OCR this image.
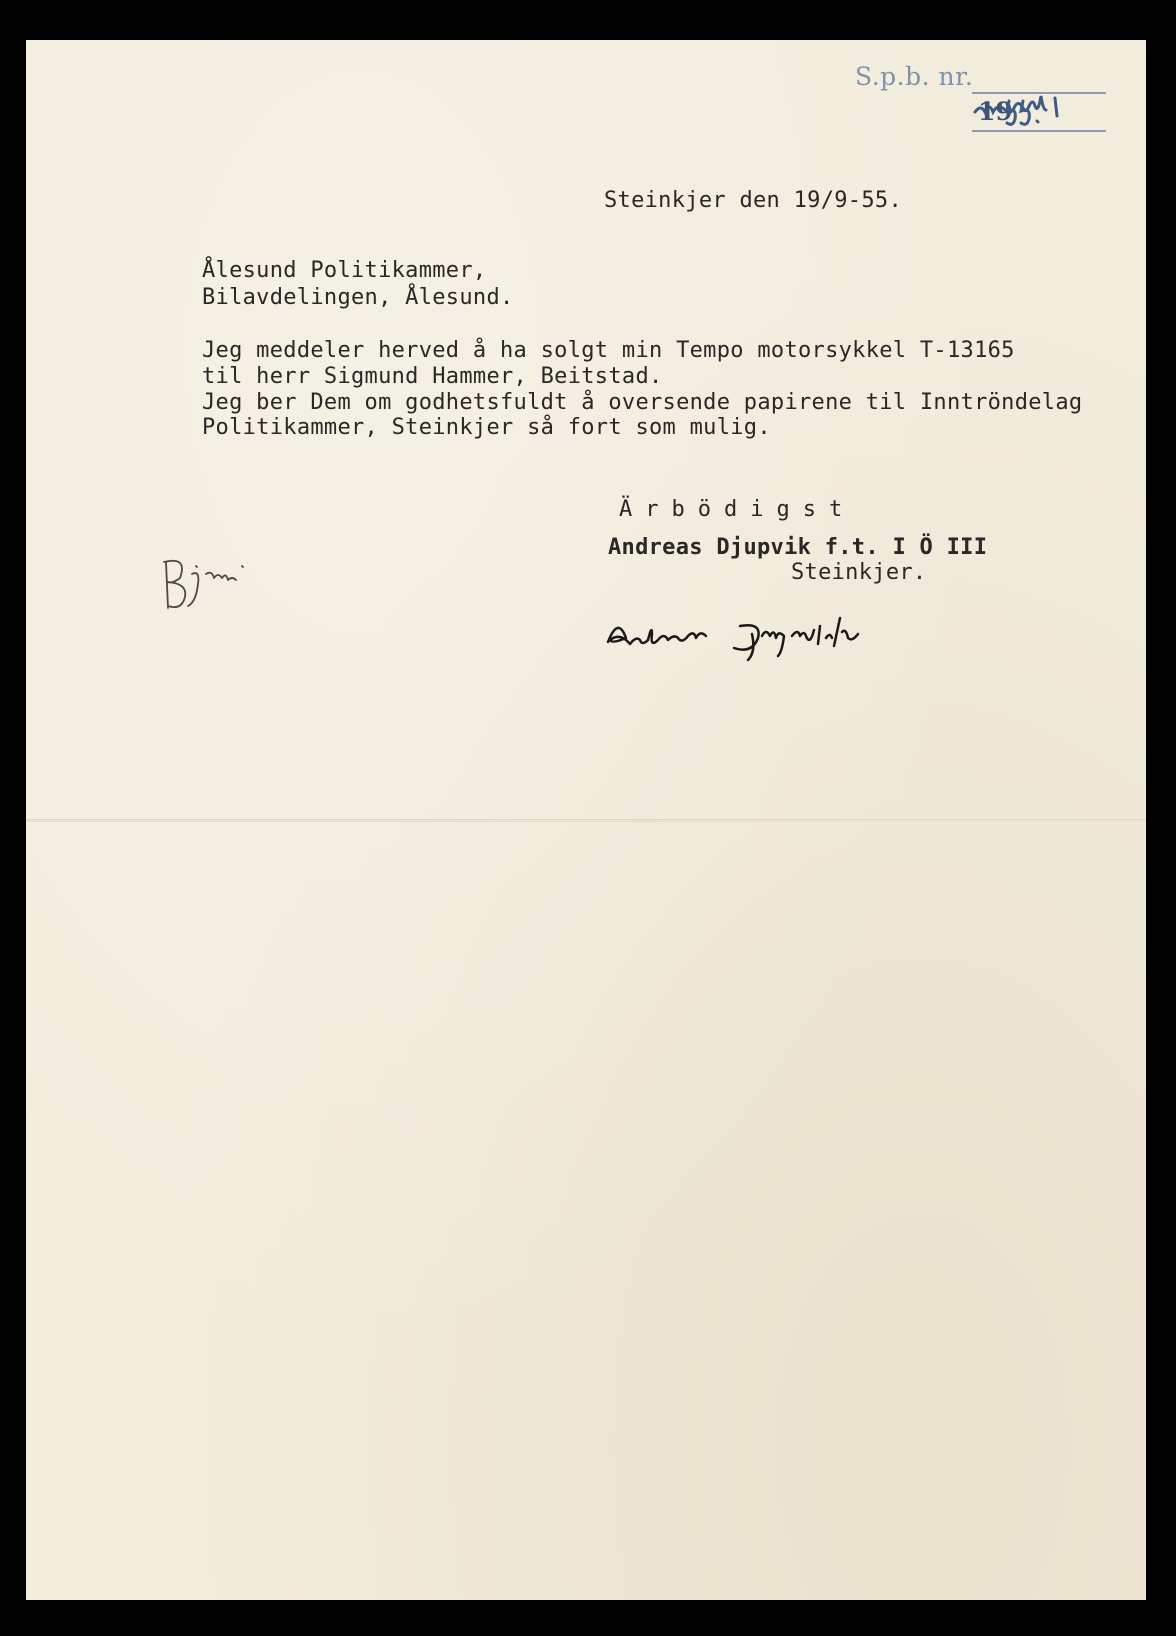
S.p.b. nr.
19
Steinkjer den 19/9-55.
Ålesund Politikammer,
Bilavdelingen, Ålesund.
Jeg meddeler herved å ha solgt min Tempo motorsykkel T-13165
til herr Sigmund Hammer, Beitstad.
Jeg ber Dem om godhetsfuldt å oversende papirene til Inntröndelag
Politikammer, Steinkjer så fort som mulig.
Ärbödigst
Andreas Djupvik f.t. I Ö III
Steinkjer.
